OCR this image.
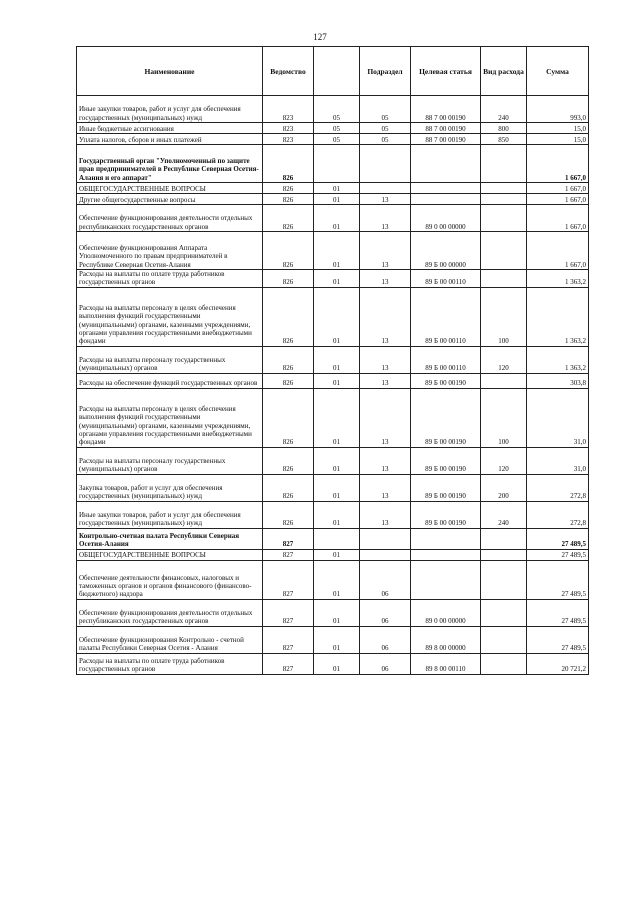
127
Наименование	Ведомство		Подраздел	Целевая статья	Вид расхода	Сумма
Иные закупки товаров, работ и услуг для обеспечения государственных (муниципальных) нужд	823	05	05	88 7 00 00190	240	993,0
Иные бюджетные ассигнования	823	05	05	88 7 00 00190	800	15,0
Уплата налогов, сборов и иных платежей	823	05	05	88 7 00 00190	850	15,0
Государственный орган "Уполномоченный по защите прав предпринимателей в Республике Северная Осетия-Алания и его аппарат"	826					1 667,0
ОБЩЕГОСУДАРСТВЕННЫЕ ВОПРОСЫ	826	01				1 667,0
Другие общегосударственные вопросы	826	01	13			1 667,0
Обеспечение функционирования деятельности отдельных республиканских государственных органов	826	01	13	89 0 00 00000		1 667,0
Обеспечение функционирования Аппарата Уполномоченного по правам предпринимателей в Республике Северная Осетия-Алания	826	01	13	89 Б 00 00000		1 667,0
Расходы на выплаты по оплате труда работников государственных органов	826	01	13	89 Б 00 00110		1 363,2
Расходы на выплаты персоналу в целях обеспечения выполнения функций государственными (муниципальными) органами, казенными учреждениями, органами управления государственными внебюджетными фондами	826	01	13	89 Б 00 00110	100	1 363,2
Расходы на выплаты персоналу государственных (муниципальных) органов	826	01	13	89 Б 00 00110	120	1 363,2
Расходы на обеспечение функций государственных органов	826	01	13	89 Б 00 00190		303,8
Расходы на выплаты персоналу в целях обеспечения выполнения функций государственными (муниципальными) органами, казенными учреждениями, органами управления государственными внебюджетными фондами	826	01	13	89 Б 00 00190	100	31,0
Расходы на выплаты персоналу государственных (муниципальных) органов	826	01	13	89 Б 00 00190	120	31,0
Закупка товаров, работ и услуг для обеспечения государственных (муниципальных) нужд	826	01	13	89 Б 00 00190	200	272,8
Иные закупки товаров, работ и услуг для обеспечения государственных (муниципальных) нужд	826	01	13	89 Б 00 00190	240	272,8
Контрольно-счетная палата Республики Северная Осетия-Алания	827					27 489,5
ОБЩЕГОСУДАРСТВЕННЫЕ ВОПРОСЫ	827	01				27 489,5
Обеспечение деятельности финансовых, налоговых и таможенных органов и органов финансового (финансово-бюджетного) надзора	827	01	06			27 489,5
Обеспечение функционирования деятельности отдельных республиканских государственных органов	827	01	06	89 0 00 00000		27 489,5
Обеспечение функционирования Контрольно - счетной палаты Республики Северная Осетия - Алания	827	01	06	89 8 00 00000		27 489,5
Расходы на выплаты по оплате труда работников государственных органов	827	01	06	89 8 00 00110		20 721,2
